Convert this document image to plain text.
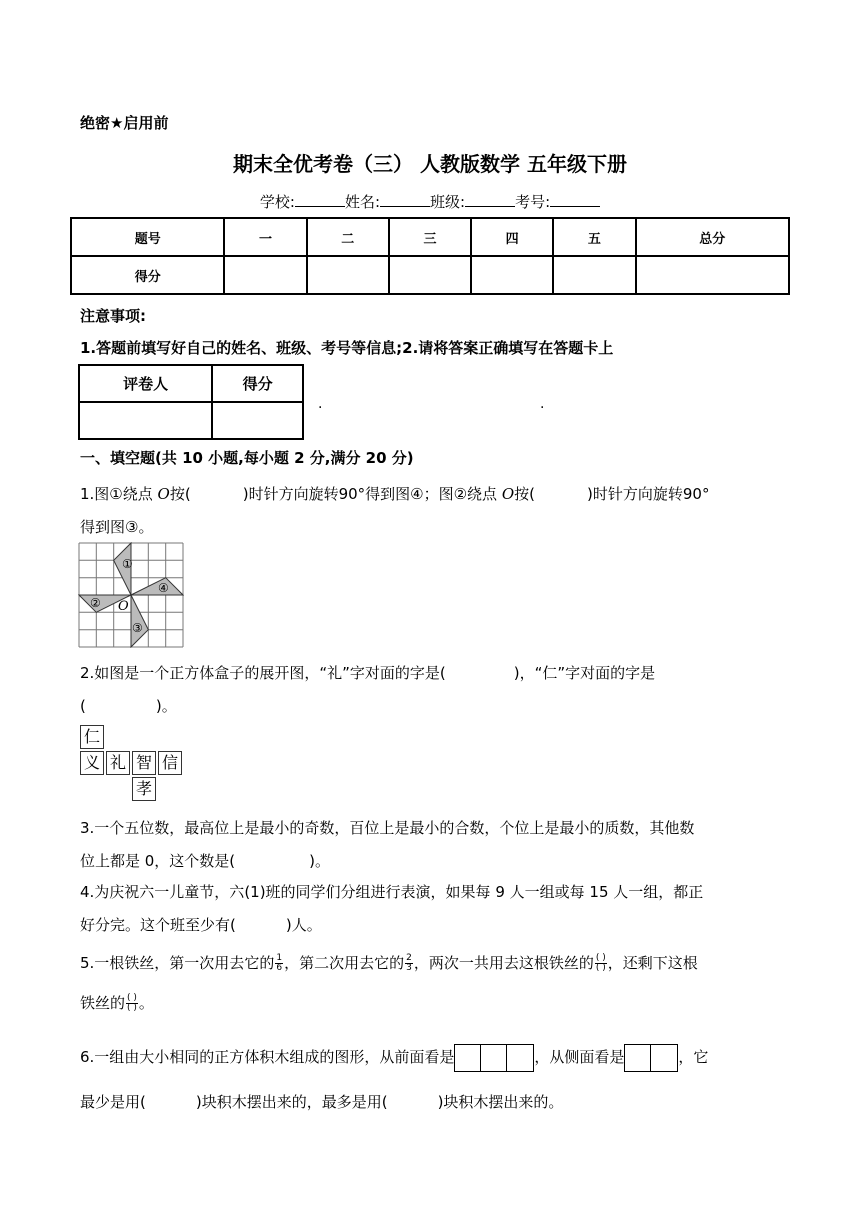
绝密★启用前
期末全优考卷（三） 人教版数学 五年级下册
学校:	姓名:	班级:	考号:
题号	一	二	三	四	五	总分
得分						
注意事项:
1.答题前填写好自己的姓名、班级、考号等信息;2.请将答案正确填写在答题卡上
评卷人	得分

.	.
一、填空题(共 10 小题,每小题 2 分,满分 20 分)
1.图①绕点 O按(	)时针方向旋转90°得到图④；图②绕点 O按(	)时针方向旋转90°
得到图③。
①
②
③
④
O
2.如图是一个正方体盒子的展开图，“礼”字对面的字是(	)，“仁”字对面的字是
(	)。
仁
义 礼 智 信
孝
3.一个五位数，最高位上是最小的奇数，百位上是最小的合数，个位上是最小的质数，其他数
位上都是 0，这个数是(	)。
4.为庆祝六一儿童节，六(1)班的同学们分组进行表演，如果每 9 人一组或每 15 人一组，都正
好分完。这个班至少有(	)人。
5.一根铁丝，第一次用去它的 $\frac{1}{6}$ ，第二次用去它的 $\frac{2}{3}$ ，两次一共用去这根铁丝的 $\frac{( )}{( )}$ ，还剩下这根
铁丝的 $\frac{( )}{( )}$ 。
6.一组由大小相同的正方体积木组成的图形，从前面看是	，从侧面看是	，它
最少是用(	)块积木摆出来的，最多是用(	)块积木摆出来的。
